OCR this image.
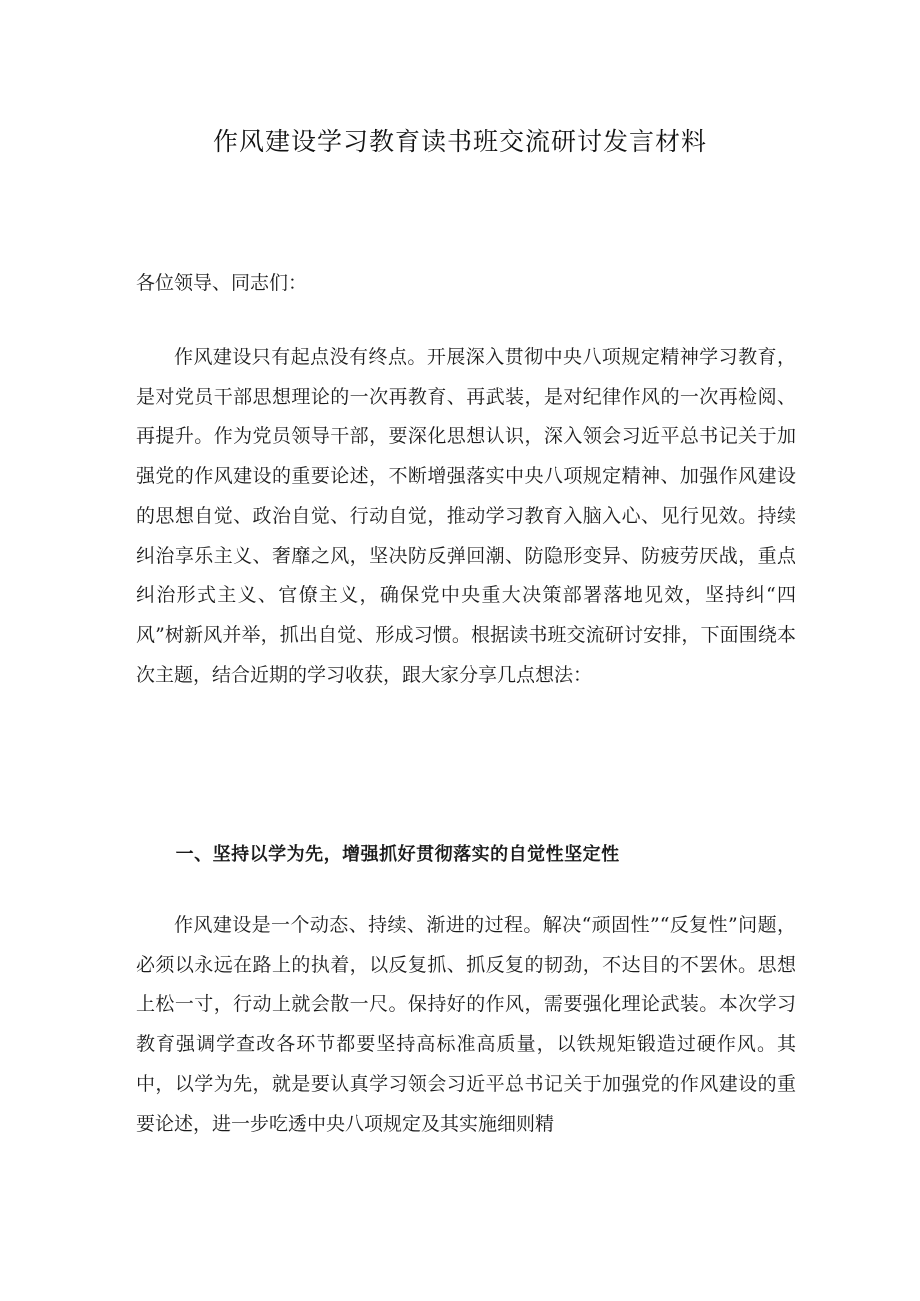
作风建设学习教育读书班交流研讨发言材料

各位领导、同志们：

作风建设只有起点没有终点。开展深入贯彻中央八项规定精神学习教育，是对党员干部思想理论的一次再教育、再武装，是对纪律作风的一次再检阅、再提升。作为党员领导干部，要深化思想认识，深入领会习近平总书记关于加强党的作风建设的重要论述，不断增强落实中央八项规定精神、加强作风建设的思想自觉、政治自觉、行动自觉，推动学习教育入脑入心、见行见效。持续纠治享乐主义、奢靡之风，坚决防反弹回潮、防隐形变异、防疲劳厌战，重点纠治形式主义、官僚主义，确保党中央重大决策部署落地见效，坚持纠“四风”树新风并举，抓出自觉、形成习惯。根据读书班交流研讨安排，下面围绕本次主题，结合近期的学习收获，跟大家分享几点想法：

一、坚持以学为先，增强抓好贯彻落实的自觉性坚定性

作风建设是一个动态、持续、渐进的过程。解决“顽固性”“反复性”问题，必须以永远在路上的执着，以反复抓、抓反复的韧劲，不达目的不罢休。思想上松一寸，行动上就会散一尺。保持好的作风，需要强化理论武装。本次学习教育强调学查改各环节都要坚持高标准高质量，以铁规矩锻造过硬作风。其中，以学为先，就是要认真学习领会习近平总书记关于加强党的作风建设的重要论述，进一步吃透中央八项规定及其实施细则精
